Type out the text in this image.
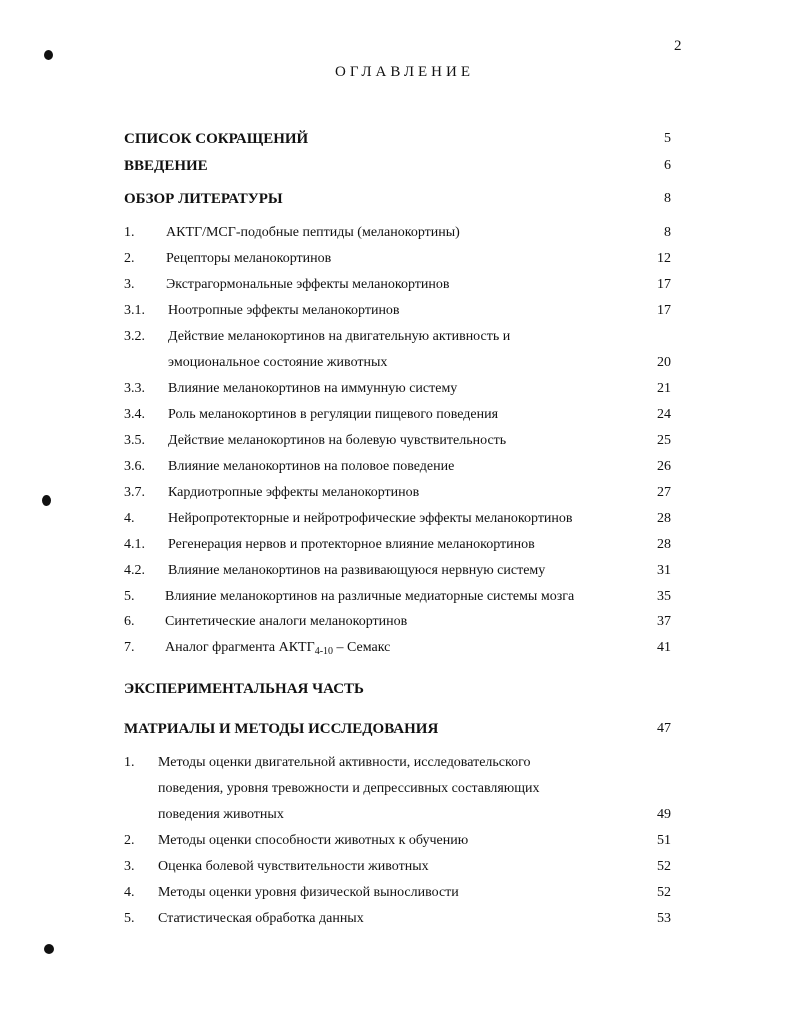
2
ОГЛАВЛЕНИЕ
СПИСОК СОКРАЩЕНИЙ	5
ВВЕДЕНИЕ	6
ОБЗОР ЛИТЕРАТУРЫ	8
1. АКТГ/МСГ-подобные пептиды (меланокортины)	8
2. Рецепторы меланокортинов	12
3. Экстрагормональные эффекты меланокортинов	17
3.1. Ноотропные эффекты меланокортинов	17
3.2. Действие меланокортинов на двигательную активность и
эмоциональное состояние животных	20
3.3. Влияние меланокортинов на иммунную систему	21
3.4. Роль меланокортинов в регуляции пищевого поведения	24
3.5. Действие меланокортинов на болевую чувствительность	25
3.6. Влияние меланокортинов на половое поведение	26
3.7. Кардиотропные эффекты меланокортинов	27
4. Нейропротекторные и нейротрофические эффекты меланокортинов	28
4.1. Регенерация нервов и протекторное влияние меланокортинов	28
4.2. Влияние меланокортинов на развивающуюся нервную систему	31
5. Влияние меланокортинов на различные медиаторные системы мозга	35
6. Синтетические аналоги меланокортинов	37
7. Аналог фрагмента $АКТГ_{4-10}$ – Семакс	41
ЭКСПЕРИМЕНТАЛЬНАЯ ЧАСТЬ
МАТРИАЛЫ И МЕТОДЫ ИССЛЕДОВАНИЯ	47
1. Методы оценки двигательной активности, исследовательского
поведения, уровня тревожности и депрессивных составляющих
поведения животных	49
2. Методы оценки способности животных к обучению	51
3. Оценка болевой чувствительности животных	52
4. Методы оценки уровня физической выносливости	52
5. Статистическая обработка данных	53
